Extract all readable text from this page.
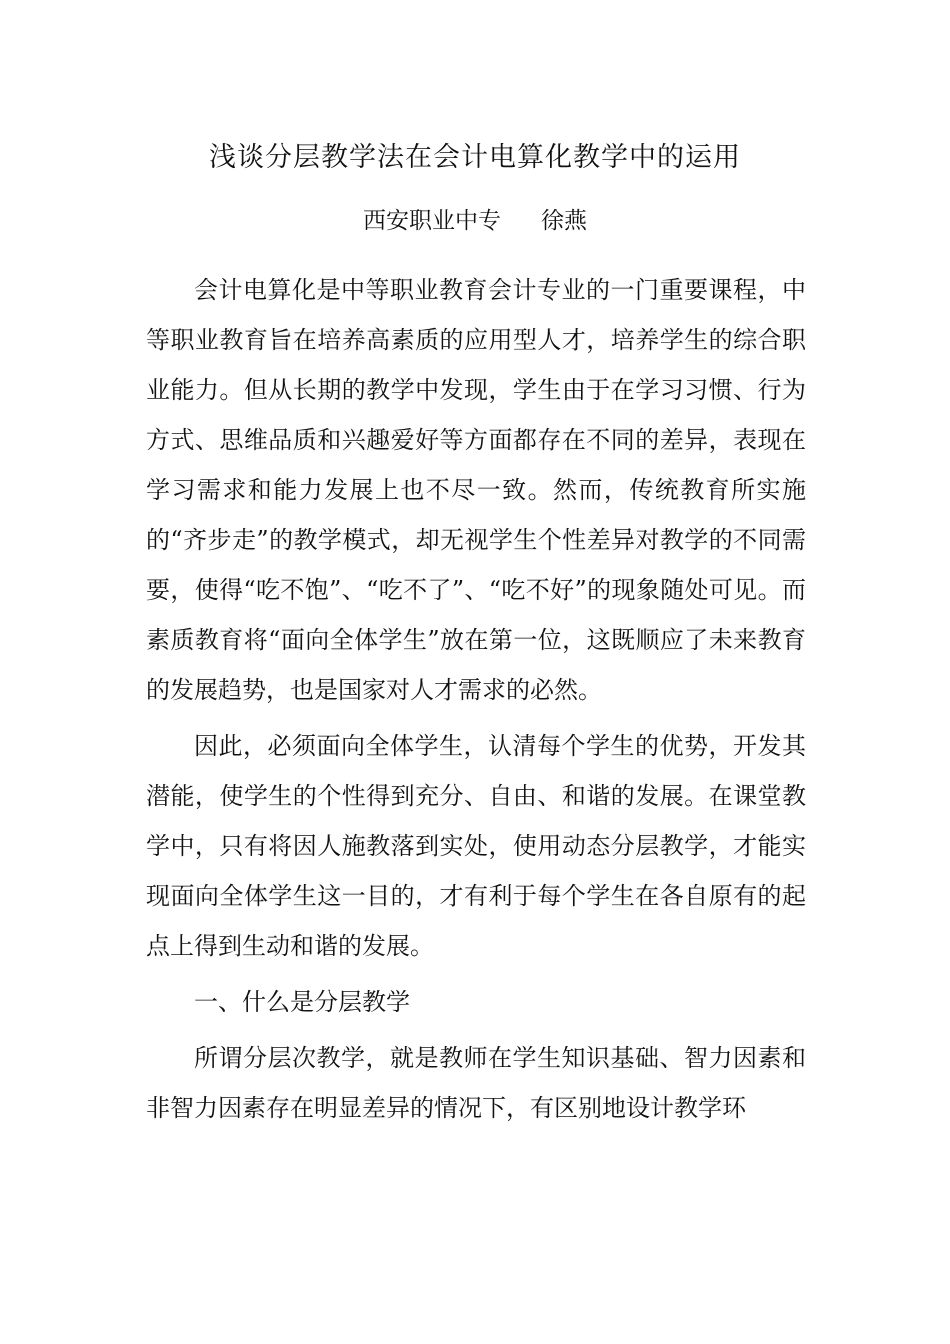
浅谈分层教学法在会计电算化教学中的运用
西安职业中专 徐燕

会计电算化是中等职业教育会计专业的一门重要课程，中等职业教育旨在培养高素质的应用型人才，培养学生的综合职业能力。但从长期的教学中发现，学生由于在学习习惯、行为方式、思维品质和兴趣爱好等方面都存在不同的差异，表现在学习需求和能力发展上也不尽一致。然而，传统教育所实施的“齐步走”的教学模式，却无视学生个性差异对教学的不同需要，使得“吃不饱”、“吃不了”、“吃不好”的现象随处可见。而素质教育将“面向全体学生”放在第一位，这既顺应了未来教育的发展趋势，也是国家对人才需求的必然。

因此，必须面向全体学生，认清每个学生的优势，开发其潜能，使学生的个性得到充分、自由、和谐的发展。在课堂教学中，只有将因人施教落到实处，使用动态分层教学，才能实现面向全体学生这一目的，才有利于每个学生在各自原有的起点上得到生动和谐的发展。

一、什么是分层教学

所谓分层次教学，就是教师在学生知识基础、智力因素和非智力因素存在明显差异的情况下，有区别地设计教学环
